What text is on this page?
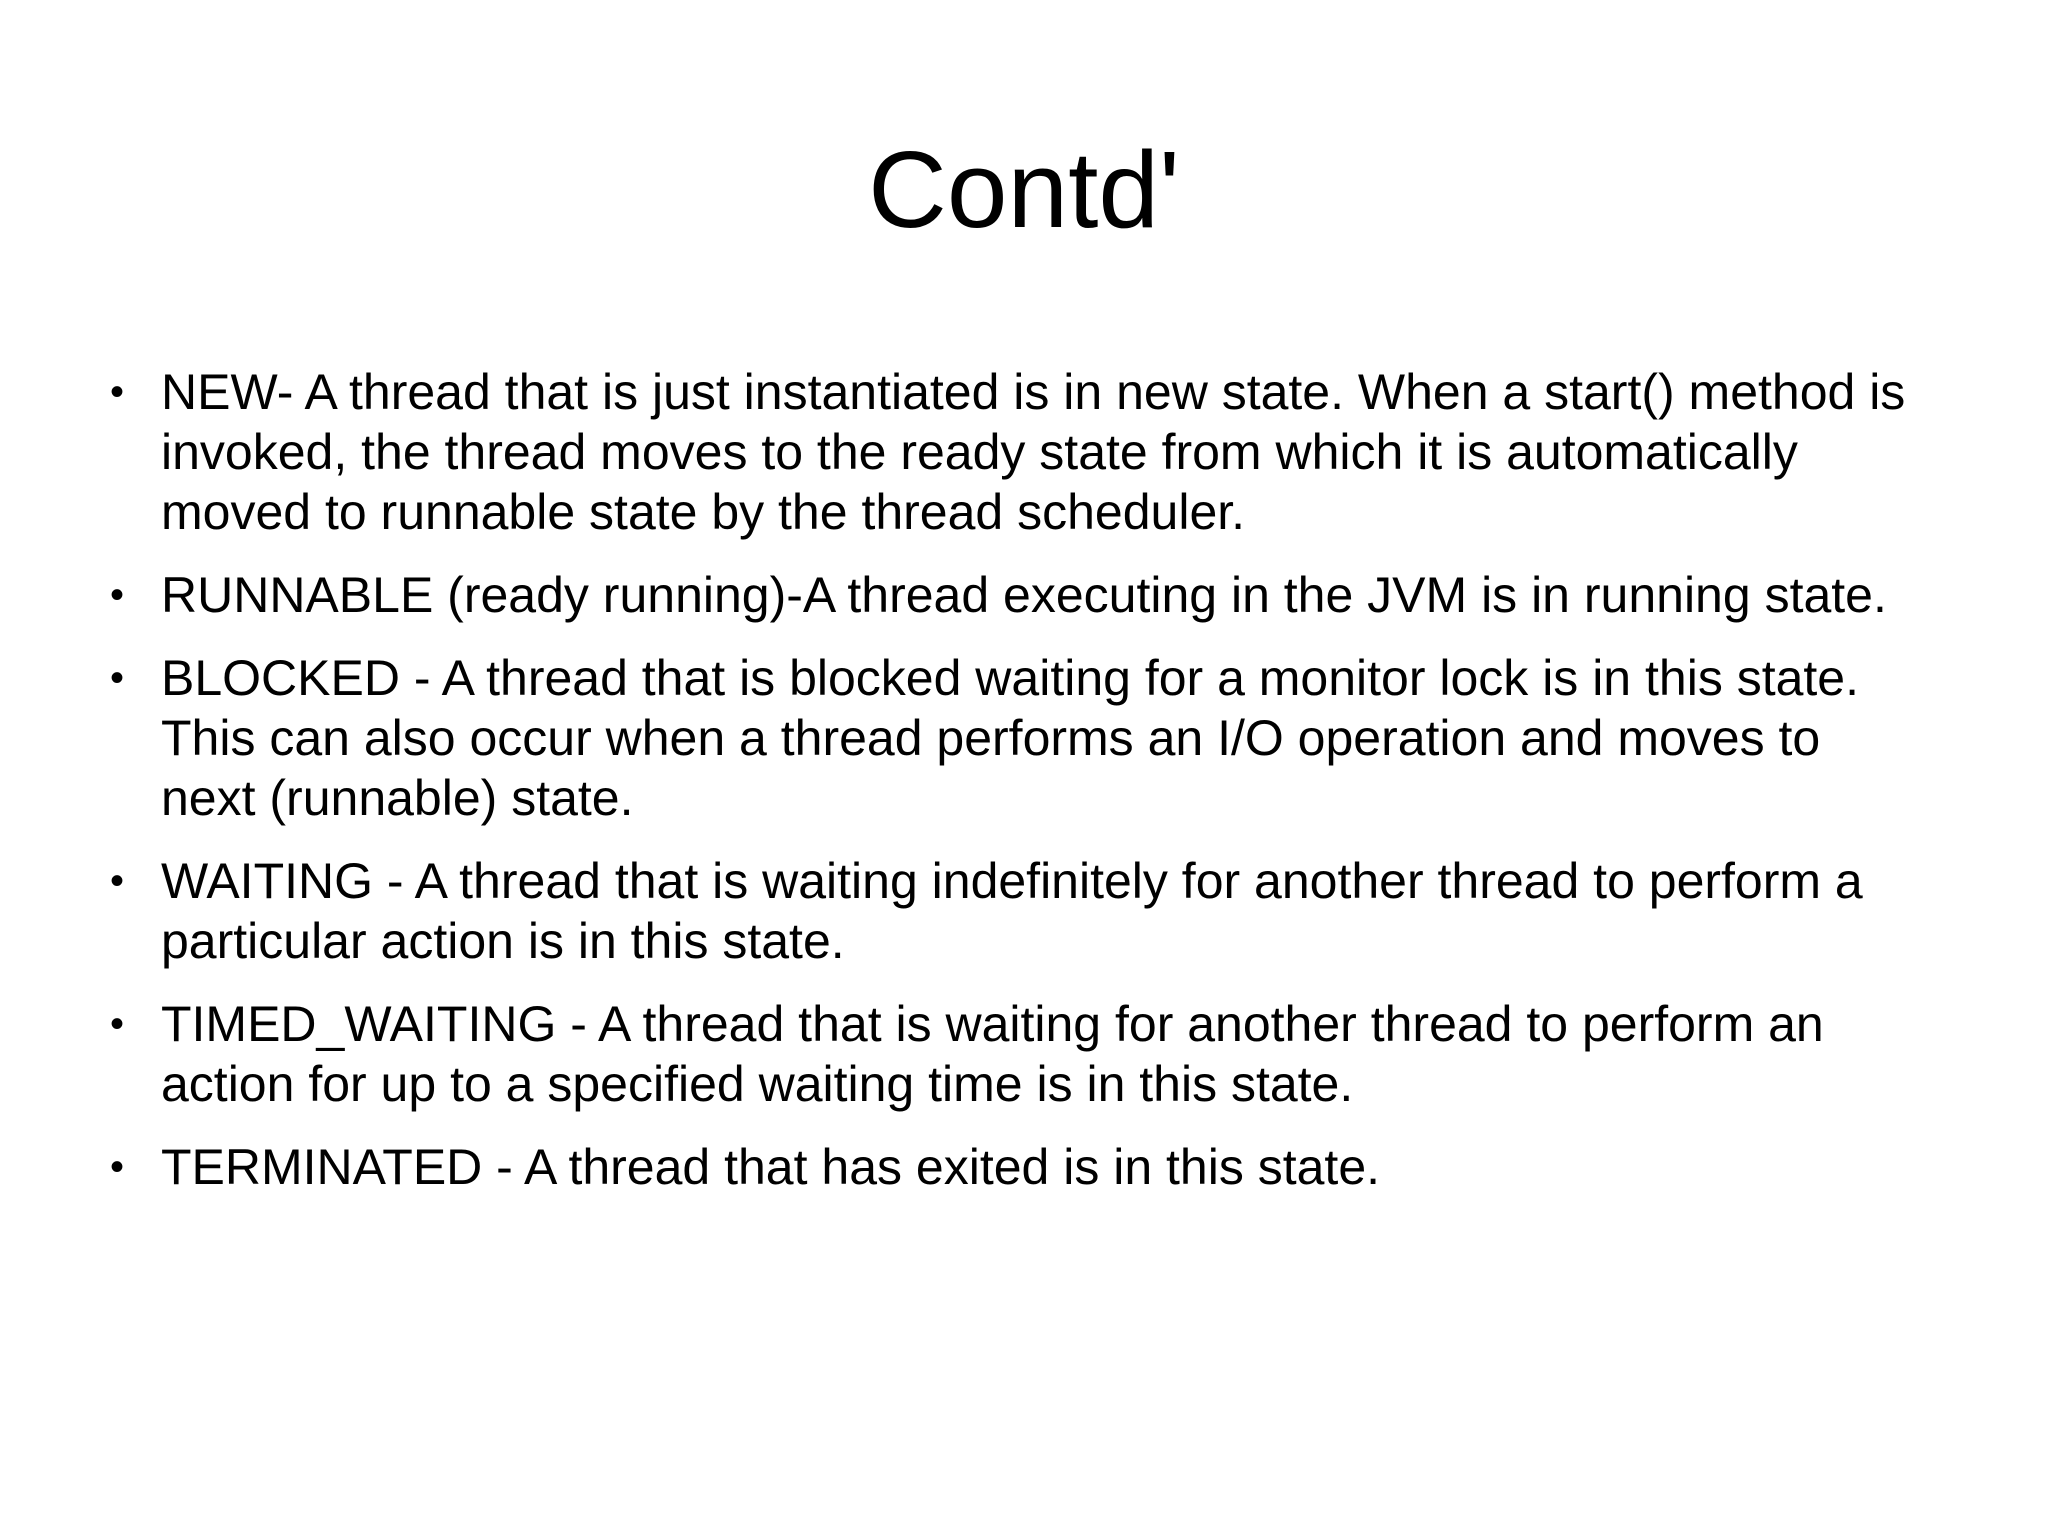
Contd'
• NEW- A thread that is just instantiated is in new state. When a start() method is invoked, the thread moves to the ready state from which it is automatically moved to runnable state by the thread scheduler.
• RUNNABLE (ready running)-A thread executing in the JVM is in running state.
• BLOCKED - A thread that is blocked waiting for a monitor lock is in this state. This can also occur when a thread performs an I/O operation and moves to next (runnable) state.
• WAITING - A thread that is waiting indefinitely for another thread to perform a particular action is in this state.
• TIMED_WAITING - A thread that is waiting for another thread to perform an action for up to a specified waiting time is in this state.
• TERMINATED - A thread that has exited is in this state.
